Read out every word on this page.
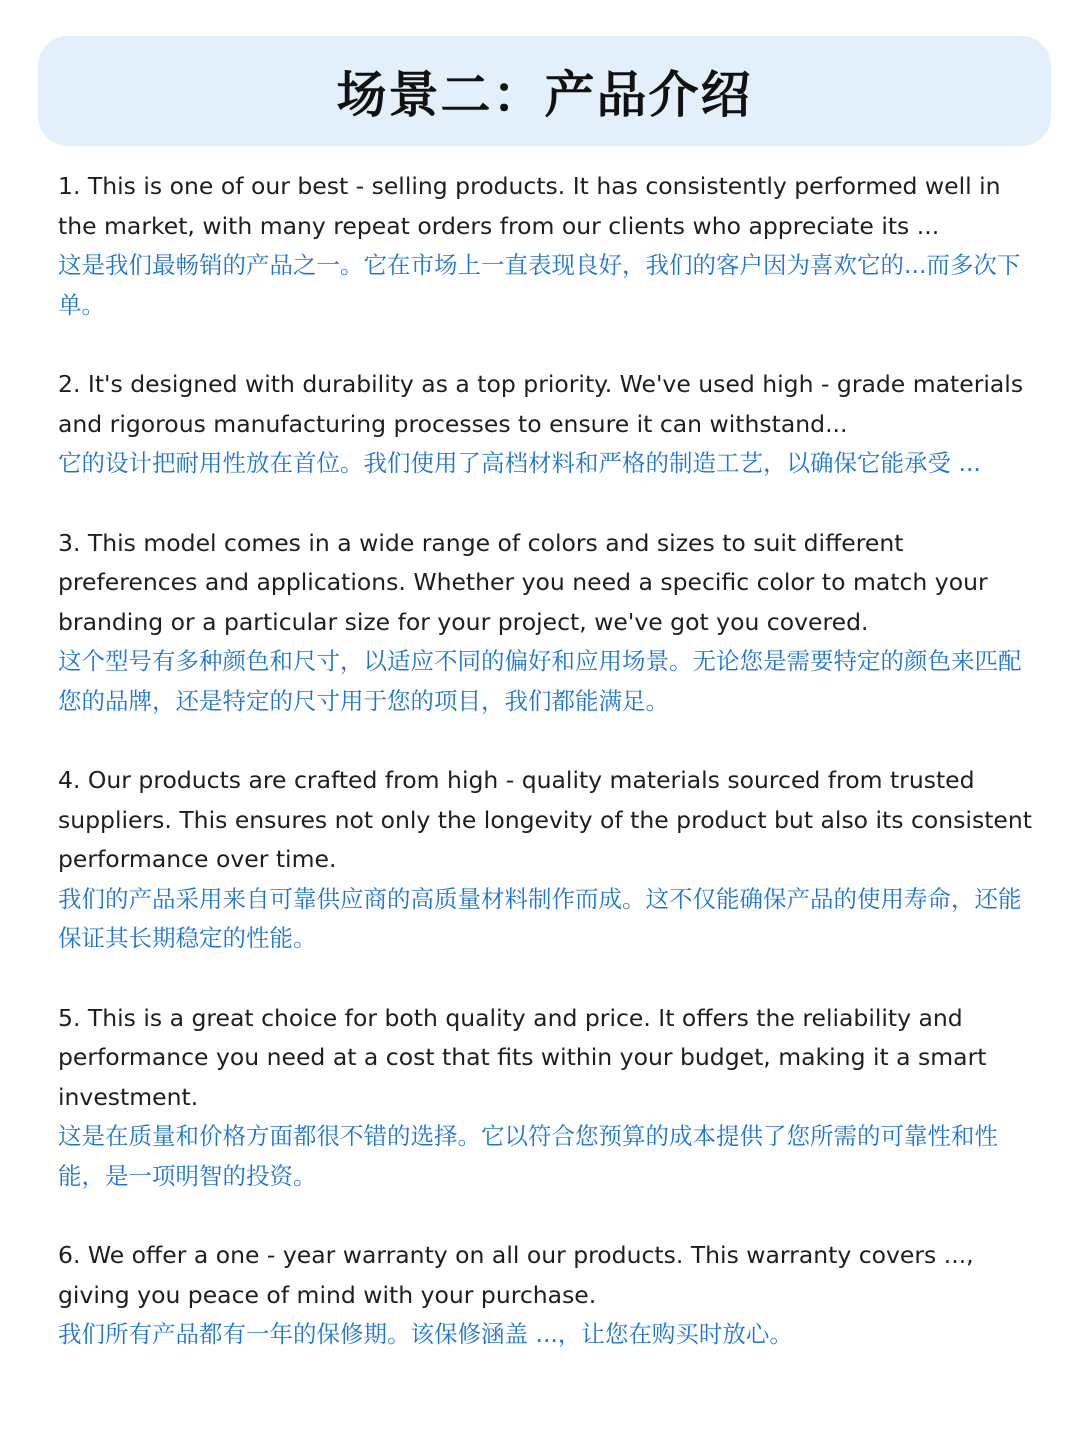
场景二：产品介绍

1. This is one of our best - selling products. It has consistently performed well in the market, with many repeat orders from our clients who appreciate its ...

这是我们最畅销的产品之一。它在市场上一直表现良好，我们的客户因为喜欢它的...而多次下单。

2. It's designed with durability as a top priority. We've used high - grade materials and rigorous manufacturing processes to ensure it can withstand...

它的设计把耐用性放在首位。我们使用了高档材料和严格的制造工艺，以确保它能承受 ...

3. This model comes in a wide range of colors and sizes to suit different preferences and applications. Whether you need a specific color to match your branding or a particular size for your project, we've got you covered.

这个型号有多种颜色和尺寸，以适应不同的偏好和应用场景。无论您是需要特定的颜色来匹配您的品牌，还是特定的尺寸用于您的项目，我们都能满足。

4. Our products are crafted from high - quality materials sourced from trusted suppliers. This ensures not only the longevity of the product but also its consistent performance over time.

我们的产品采用来自可靠供应商的高质量材料制作而成。这不仅能确保产品的使用寿命，还能保证其长期稳定的性能。

5. This is a great choice for both quality and price. It offers the reliability and performance you need at a cost that fits within your budget, making it a smart investment.

这是在质量和价格方面都很不错的选择。它以符合您预算的成本提供了您所需的可靠性和性能，是一项明智的投资。

6. We offer a one - year warranty on all our products. This warranty covers ..., giving you peace of mind with your purchase.

我们所有产品都有一年的保修期。该保修涵盖 ...，让您在购买时放心。
